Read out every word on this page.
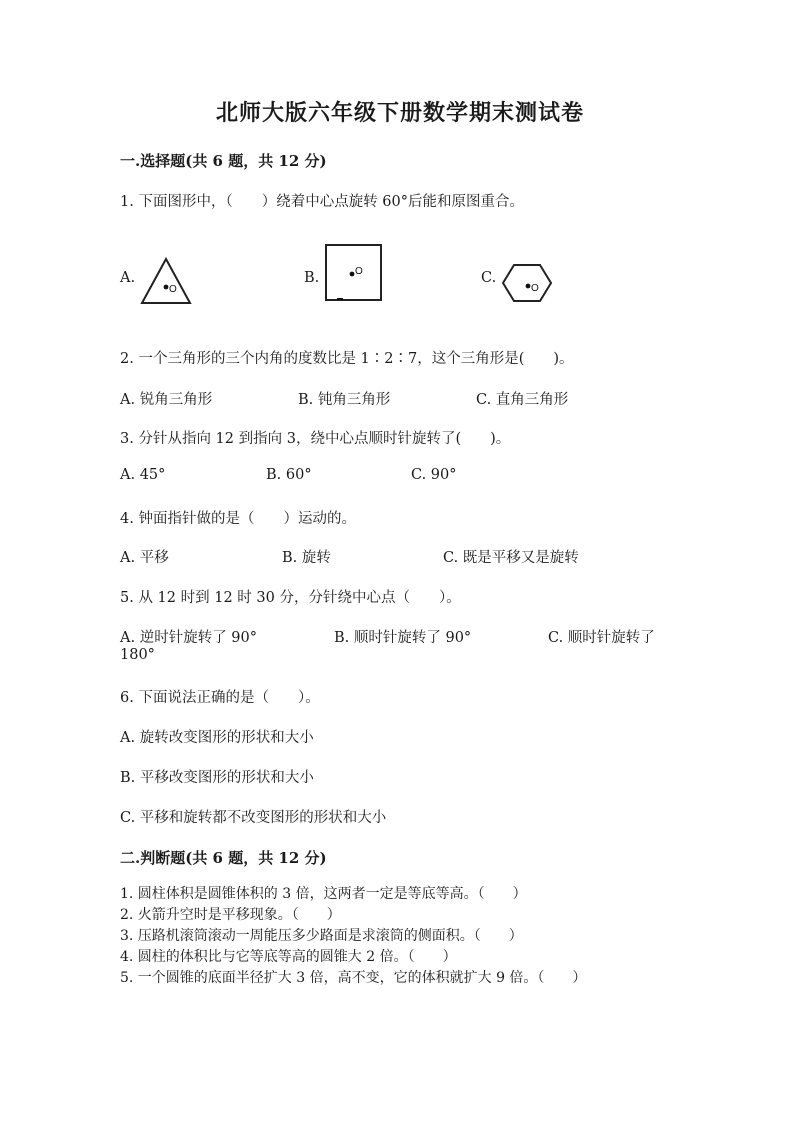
北师大版六年级下册数学期末测试卷
一.选择题(共 6 题，共 12 分)
1. 下面图形中，（　　）绕着中心点旋转 60°后能和原图重合。
A.
O
B.	O	C.
O
2. 一个三角形的三个内角的度数比是 1∶2∶7，这个三角形是(　　)。
A. 锐角三角形	B. 钝角三角形	C. 直角三角形
3. 分针从指向 12 到指向 3，绕中心点顺时针旋转了(　　)。
A. 45°	B. 60°	C. 90°
4. 钟面指针做的是（　　）运动的。
A. 平移	B. 旋转	C. 既是平移又是旋转
5. 从 12 时到 12 时 30 分，分针绕中心点（　　）。
A. 逆时针旋转了 90°	B. 顺时针旋转了 90°	C. 顺时针旋转了
180°
6. 下面说法正确的是（　　）。
A. 旋转改变图形的形状和大小
B. 平移改变图形的形状和大小
C. 平移和旋转都不改变图形的形状和大小
二.判断题(共 6 题，共 12 分)
1. 圆柱体积是圆锥体积的 3 倍，这两者一定是等底等高。（　　）
2. 火箭升空时是平移现象。（　　）
3. 压路机滚筒滚动一周能压多少路面是求滚筒的侧面积。（　　）
4. 圆柱的体积比与它等底等高的圆锥大 2 倍。（　　）
5. 一个圆锥的底面半径扩大 3 倍，高不变，它的体积就扩大 9 倍。（　　）
